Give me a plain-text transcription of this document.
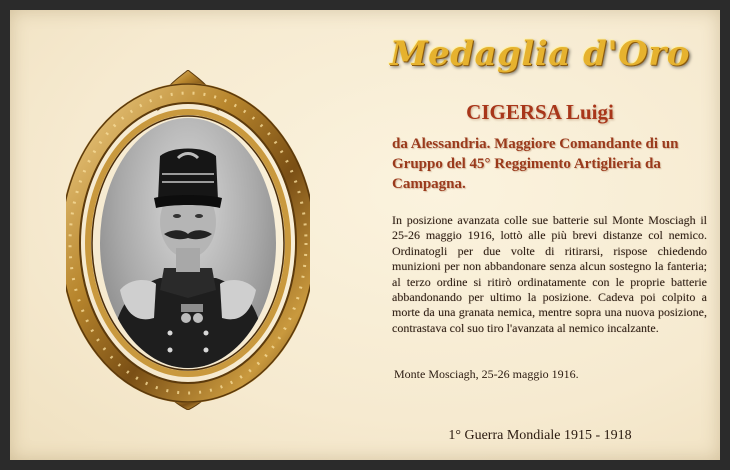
Medaglia d'Oro
CIGERSA Luigi
da Alessandria. Maggiore Comandante di un Gruppo del 45° Reggimento Artiglieria da Campagna.

In posizione avanzata colle sue batterie sul Monte Mosciagh il 25-26 maggio 1916, lottò alle più brevi distanze col nemico. Ordinatogli per due volte di ritirarsi, rispose chiedendo munizioni per non abbandonare senza alcun sostegno la fanteria; al terzo ordine si ritirò ordinatamente con le proprie batterie abbandonando per ultimo la posizione. Cadeva poi colpito a morte da una granata nemica, mentre sopra una nuova posizione, contrastava col suo tiro l'avanzata al nemico incalzante.

Monte Mosciagh, 25-26 maggio 1916.
1° Guerra Mondiale 1915 - 1918
